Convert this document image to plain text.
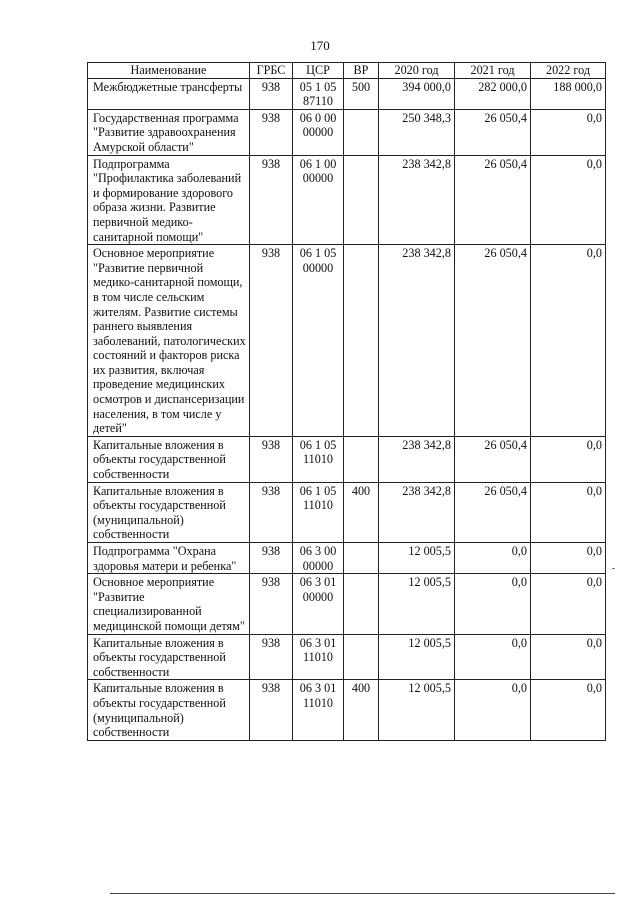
170
Наименование	ГРБС	ЦСР	ВР	2020 год	2021 год	2022 год
Межбюджетные трансферты	938	05 1 05 87110	500	394 000,0	282 000,0	188 000,0
Государственная программа "Развитие здравоохранения Амурской области"	938	06 0 00 00000		250 348,3	26 050,4	0,0
Подпрограмма "Профилактика заболеваний и формирование здорового образа жизни. Развитие первичной медико-санитарной помощи"	938	06 1 00 00000		238 342,8	26 050,4	0,0
Основное мероприятие "Развитие первичной медико-санитарной помощи, в том числе сельским жителям. Развитие системы раннего выявления заболеваний, патологических состояний и факторов риска их развития, включая проведение медицинских осмотров и диспансеризации населения, в том числе у детей"	938	06 1 05 00000		238 342,8	26 050,4	0,0
Капитальные вложения в объекты государственной собственности	938	06 1 05 11010		238 342,8	26 050,4	0,0
Капитальные вложения в объекты государственной (муниципальной) собственности	938	06 1 05 11010	400	238 342,8	26 050,4	0,0
Подпрограмма "Охрана здоровья матери и ребенка"	938	06 3 00 00000		12 005,5	0,0	0,0
Основное мероприятие "Развитие специализированной медицинской помощи детям"	938	06 3 01 00000		12 005,5	0,0	0,0
Капитальные вложения в объекты государственной собственности	938	06 3 01 11010		12 005,5	0,0	0,0
Капитальные вложения в объекты государственной (муниципальной) собственности	938	06 3 01 11010	400	12 005,5	0,0	0,0
